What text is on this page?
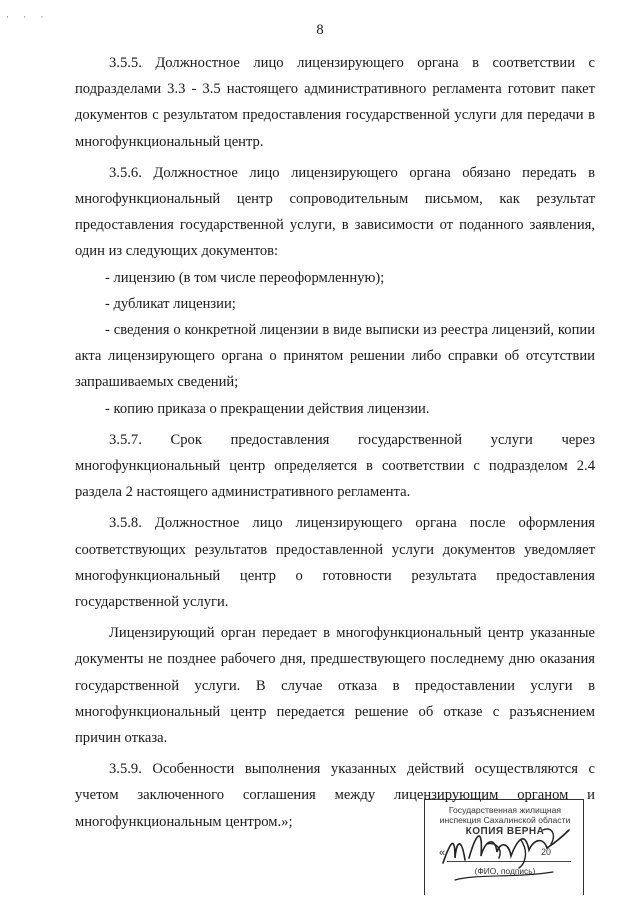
· · ·
8

3.5.5. Должностное лицо лицензирующего органа в соответствии с подразделами 3.3 - 3.5 настоящего административного регламента готовит пакет документов с результатом предоставления государственной услуги для передачи в многофункциональный центр.

3.5.6. Должностное лицо лицензирующего органа обязано передать в многофункциональный центр сопроводительным письмом, как результат предоставления государственной услуги, в зависимости от поданного заявления, один из следующих документов:

- лицензию (в том числе переоформленную);

- дубликат лицензии;

- сведения о конкретной лицензии в виде выписки из реестра лицензий, копии акта лицензирующего органа о принятом решении либо справки об отсутствии запрашиваемых сведений;

- копию приказа о прекращении действия лицензии.

3.5.7. Срок предоставления государственной услуги через многофункциональный центр определяется в соответствии с подразделом 2.4 раздела 2 настоящего административного регламента.

3.5.8. Должностное лицо лицензирующего органа после оформления соответствующих результатов предоставленной услуги документов уведомляет многофункциональный центр о готовности результата предоставления государственной услуги.

Лицензирующий орган передает в многофункциональный центр указанные документы не позднее рабочего дня, предшествующего последнему дню оказания государственной услуги. В случае отказа в предоставлении услуги в многофункциональный центр передается решение об отказе с разъяснением причин отказа.

3.5.9. Особенности выполнения указанных действий осуществляются с учетом заключенного соглашения между лицензирующим органом и многофункциональным центром.»;

Государственная жилищная
инспекция Сахалинской области
КОПИЯ ВЕРНА
«	20
(ФИО, подпись)
